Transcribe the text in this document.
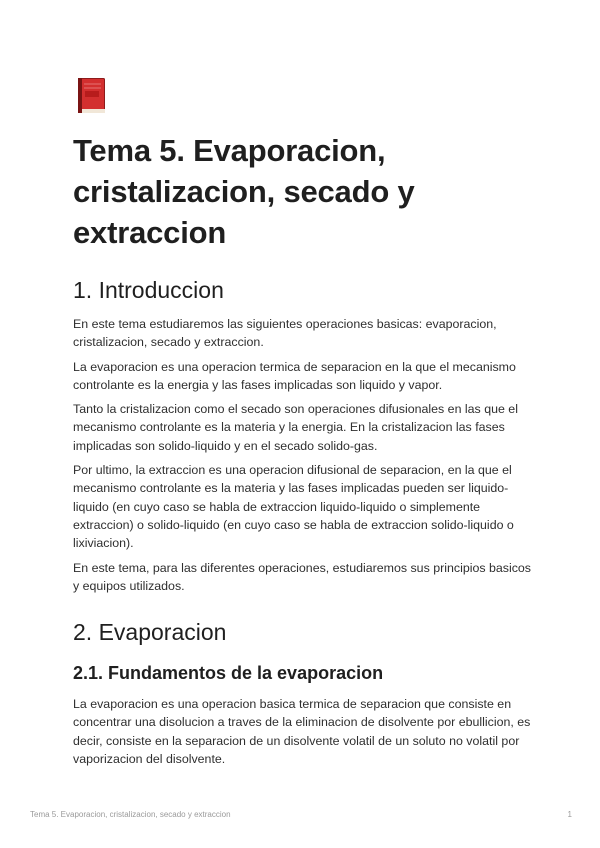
Tema 5. Evaporacion, cristalizacion, secado y extraccion
1. Introduccion

En este tema estudiaremos las siguientes operaciones basicas: evaporacion, cristalizacion, secado y extraccion.

La evaporacion es una operacion termica de separacion en la que el mecanismo controlante es la energia y las fases implicadas son liquido y vapor.

Tanto la cristalizacion como el secado son operaciones difusionales en las que el mecanismo controlante es la materia y la energia. En la cristalizacion las fases implicadas son solido-liquido y en el secado solido-gas.

Por ultimo, la extraccion es una operacion difusional de separacion, en la que el mecanismo controlante es la materia y las fases implicadas pueden ser liquido-liquido (en cuyo caso se habla de extraccion liquido-liquido o simplemente extraccion) o solido-liquido (en cuyo caso se habla de extraccion solido-liquido o lixiviacion).

En este tema, para las diferentes operaciones, estudiaremos sus principios basicos y equipos utilizados.

2. Evaporacion
2.1. Fundamentos de la evaporacion

La evaporacion es una operacion basica termica de separacion que consiste en concentrar una disolucion a traves de la eliminacion de disolvente por ebullicion, es decir, consiste en la separacion de un disolvente volatil de un soluto no volatil por vaporizacion del disolvente.

Tema 5. Evaporacion, cristalizacion, secado y extraccion	1
